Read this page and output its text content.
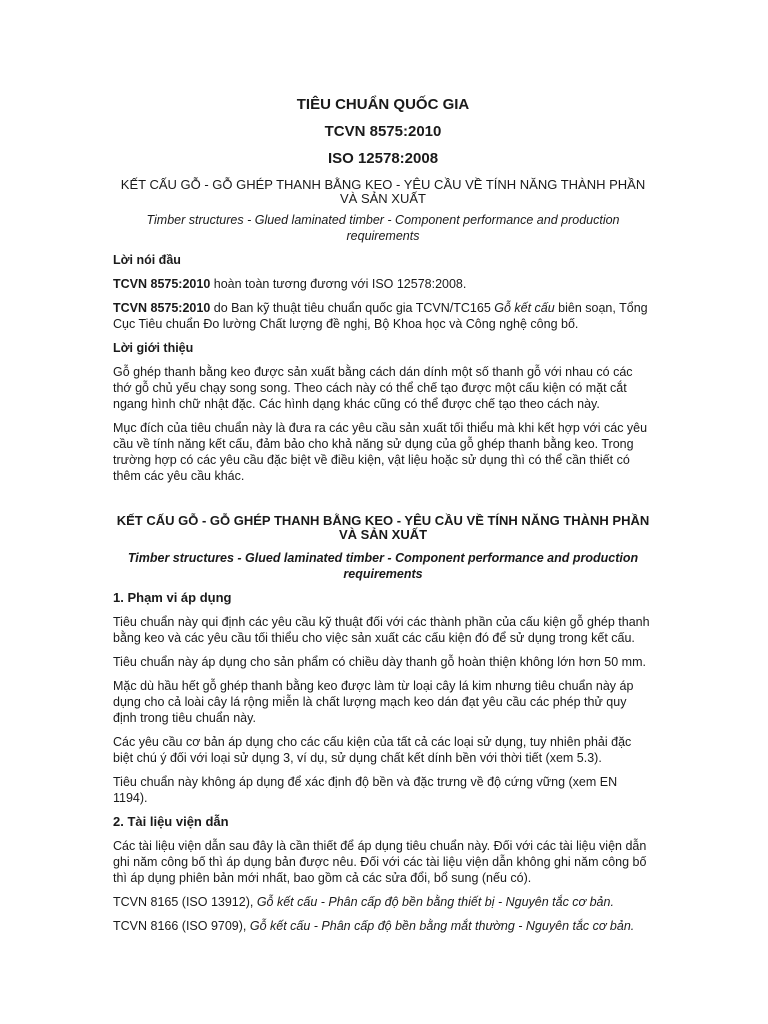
TIÊU CHUẨN QUỐC GIA
TCVN 8575:2010
ISO 12578:2008
KẾT CẤU GỖ - GỖ GHÉP THANH BẰNG KEO - YÊU CẦU VỀ TÍNH NĂNG THÀNH PHẦN VÀ SẢN XUẤT
Timber structures - Glued laminated timber - Component performance and production requirements
Lời nói đầu

TCVN 8575:2010 hoàn toàn tương đương với ISO 12578:2008.

TCVN 8575:2010 do Ban kỹ thuật tiêu chuẩn quốc gia TCVN/TC165 Gỗ kết cấu biên soạn, Tổng Cục Tiêu chuẩn Đo lường Chất lượng đề nghị, Bộ Khoa học và Công nghệ công bố.

Lời giới thiệu

Gỗ ghép thanh bằng keo được sản xuất bằng cách dán dính một số thanh gỗ với nhau có các thớ gỗ chủ yếu chạy song song. Theo cách này có thể chế tạo được một cấu kiện có mặt cắt ngang hình chữ nhật đặc. Các hình dạng khác cũng có thể được chế tạo theo cách này.

Mục đích của tiêu chuẩn này là đưa ra các yêu cầu sản xuất tối thiểu mà khi kết hợp với các yêu cầu về tính năng kết cấu, đảm bảo cho khả năng sử dụng của gỗ ghép thanh bằng keo. Trong trường hợp có các yêu cầu đặc biệt về điều kiện, vật liệu hoặc sử dụng thì có thể cần thiết có thêm các yêu cầu khác.

KẾT CẤU GỖ - GỖ GHÉP THANH BẰNG KEO - YÊU CẦU VỀ TÍNH NĂNG THÀNH PHẦN VÀ SẢN XUẤT
Timber structures - Glued laminated timber - Component performance and production requirements
1. Phạm vi áp dụng

Tiêu chuẩn này qui định các yêu cầu kỹ thuật đối với các thành phần của cấu kiện gỗ ghép thanh bằng keo và các yêu cầu tối thiểu cho việc sản xuất các cấu kiện đó để sử dụng trong kết cấu.

Tiêu chuẩn này áp dụng cho sản phẩm có chiều dày thanh gỗ hoàn thiện không lớn hơn 50 mm.

Mặc dù hầu hết gỗ ghép thanh bằng keo được làm từ loại cây lá kim nhưng tiêu chuẩn này áp dụng cho cả loài cây lá rộng miễn là chất lượng mạch keo dán đạt yêu cầu các phép thử quy định trong tiêu chuẩn này.

Các yêu cầu cơ bản áp dụng cho các cấu kiện của tất cả các loại sử dụng, tuy nhiên phải đặc biệt chú ý đối với loại sử dụng 3, ví dụ, sử dụng chất kết dính bền với thời tiết (xem 5.3).

Tiêu chuẩn này không áp dụng để xác định độ bền và đặc trưng về độ cứng vững (xem EN 1194).

2. Tài liệu viện dẫn

Các tài liệu viện dẫn sau đây là cần thiết để áp dụng tiêu chuẩn này. Đối với các tài liệu viện dẫn ghi năm công bố thì áp dụng bản được nêu. Đối với các tài liệu viện dẫn không ghi năm công bố thì áp dụng phiên bản mới nhất, bao gồm cả các sửa đổi, bổ sung (nếu có).

TCVN 8165 (ISO 13912), Gỗ kết cấu - Phân cấp độ bền bằng thiết bị - Nguyên tắc cơ bản.

TCVN 8166 (ISO 9709), Gỗ kết cấu - Phân cấp độ bền bằng mắt thường - Nguyên tắc cơ bản.
